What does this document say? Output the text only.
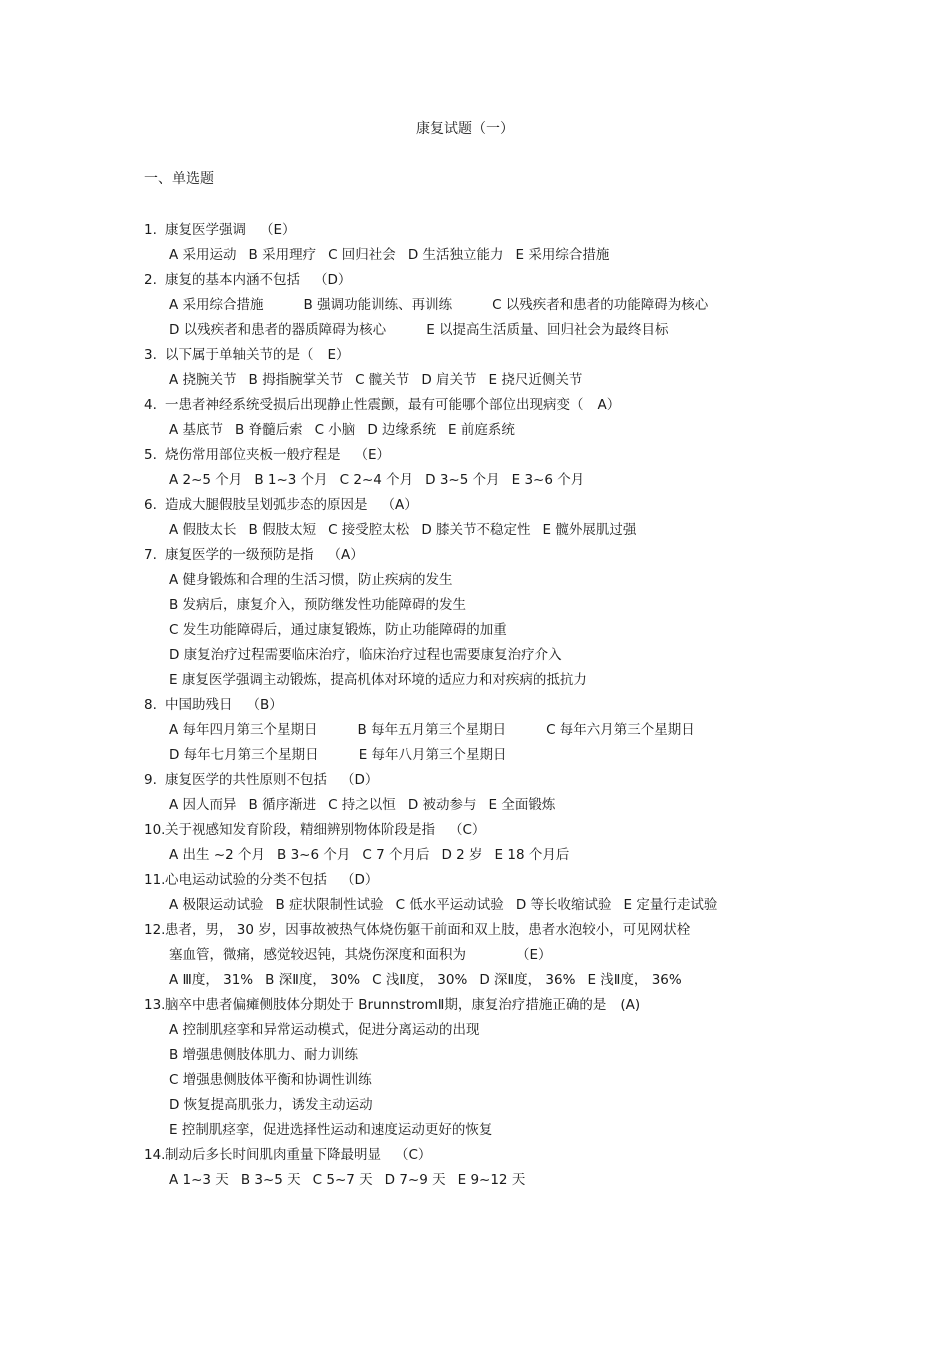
康复试题（一）
一、单选题
1. 康复医学强调 （E）
A 采用运动 B 采用理疗 C 回归社会 D 生活独立能力 E 采用综合措施
2. 康复的基本内涵不包括 （D）
A 采用综合措施	B 强调功能训练、再训练	C 以残疾者和患者的功能障碍为核心
D 以残疾者和患者的器质障碍为核心	E 以提高生活质量、回归社会为最终目标
3. 以下属于单轴关节的是（ E）
A 挠腕关节 B 拇指腕掌关节 C 髋关节 D 肩关节 E 挠尺近侧关节
4. 一患者神经系统受损后出现静止性震颤，最有可能哪个部位出现病变（ A）
A 基底节 B 脊髓后索 C 小脑 D 边缘系统 E 前庭系统
5. 烧伤常用部位夹板一般疗程是 （E）
A 2~5 个月 B 1~3 个月 C 2~4 个月 D 3~5 个月 E 3~6 个月
6. 造成大腿假肢呈划弧步态的原因是 （A）
A 假肢太长 B 假肢太短 C 接受腔太松 D 膝关节不稳定性 E 髋外展肌过强
7. 康复医学的一级预防是指 （A）
A 健身锻炼和合理的生活习惯，防止疾病的发生
B 发病后，康复介入，预防继发性功能障碍的发生
C 发生功能障碍后，通过康复锻炼，防止功能障碍的加重
D 康复治疗过程需要临床治疗，临床治疗过程也需要康复治疗介入
E 康复医学强调主动锻炼，提高机体对环境的适应力和对疾病的抵抗力
8. 中国助残日 （B）
A 每年四月第三个星期日	B 每年五月第三个星期日	C 每年六月第三个星期日
D 每年七月第三个星期日	E 每年八月第三个星期日
9. 康复医学的共性原则不包括 （D）
A 因人而异 B 循序渐进 C 持之以恒 D 被动参与 E 全面锻炼
10. 关于视感知发育阶段，精细辨别物体阶段是指 （C）
A 出生 ~2 个月 B 3~6 个月 C 7 个月后 D 2 岁 E 18 个月后
11. 心电运动试验的分类不包括 （D）
A 极限运动试验 B 症状限制性试验 C 低水平运动试验 D 等长收缩试验 E 定量行走试验
12. 患者，男， 30 岁，因事故被热气体烧伤躯干前面和双上肢，患者水泡较小，可见网状栓
塞血管，微痛，感觉较迟钝，其烧伤深度和面积为	（E）
A Ⅲ度， 31% B 深Ⅱ度， 30% C 浅Ⅱ度， 30% D 深Ⅱ度， 36% E 浅Ⅱ度， 36%
13. 脑卒中患者偏瘫侧肢体分期处于 BrunnstromⅡ期，康复治疗措施正确的是 (A)
A 控制肌痉挛和异常运动模式，促进分离运动的出现
B 增强患侧肢体肌力、耐力训练
C 增强患侧肢体平衡和协调性训练
D 恢复提高肌张力，诱发主动运动
E 控制肌痉挛，促进选择性运动和速度运动更好的恢复
14. 制动后多长时间肌肉重量下降最明显 （C）
A 1~3 天 B 3~5 天 C 5~7 天 D 7~9 天 E 9~12 天
